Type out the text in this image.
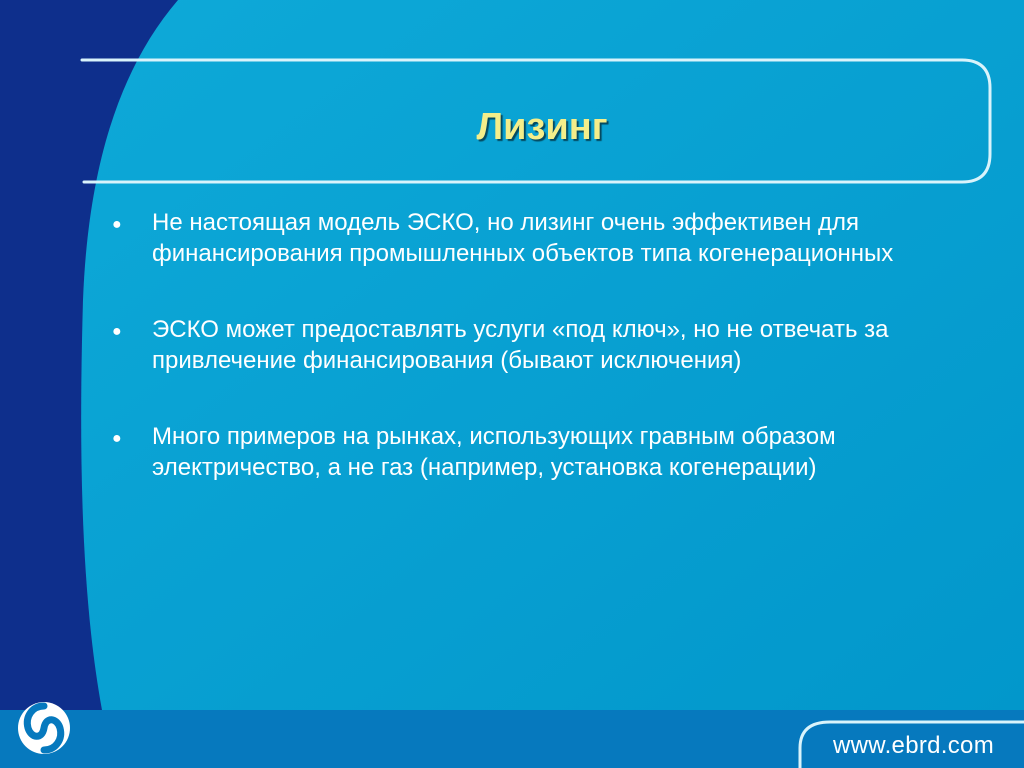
Лизинг
● Не настоящая модель ЭСКО, но лизинг очень эффективен для финансирования промышленных объектов типа когенерационных
● ЭСКО может предоставлять услуги «под ключ», но не отвечать за привлечение финансирования (бывают исключения)
● Много примеров на рынках, использующих гравным образом электричество, а не газ (например, установка когенерации)
www.ebrd.com
